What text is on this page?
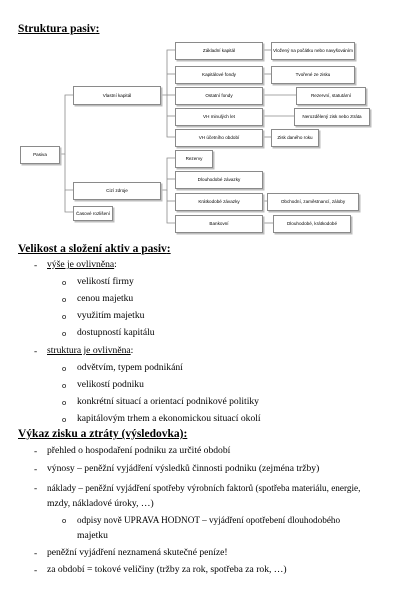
Struktura pasiv:
Pasiva
Vlastní kapitál
Cizí zdroje
Časové rozlišení
Základní kapitál
Kapitálové fondy
Ostatní fondy
VH minulých let
VH účetního období
Vložený na počátku nebo navyšováním
Tvořené ze zisku
Rezervní, statutární
Nerozdělený zisk nebo ztráta
Zisk daného roku
Rezervy
Dlouhodobé závazky
Krátkodobé závazky
Bankovní
Obchodní, zaměstnancí, záloby
Dlouhodobé, krátkodobé
Velikost a složení aktiv a pasiv:
- výše je ovlivněna:
o velikostí firmy
o cenou majetku
o využitím majetku
o dostupností kapitálu
- struktura je ovlivněna:
o odvětvím, typem podnikání
o velikostí podniku
o konkrétní situací a orientací podnikové politiky
o kapitálovým trhem a ekonomickou situací okolí
Výkaz zisku a ztráty (výsledovka):
- přehled o hospodaření podniku za určité období
- výnosy – peněžní vyjádření výsledků činnosti podniku (zejména tržby)
- náklady – peněžní vyjádření spotřeby výrobních faktorů (spotřeba materiálu, energie,
mzdy, nákladové úroky, …)
o odpisy nově UPRAVA HODNOT – vyjádření opotřebení dlouhodobého
majetku
- peněžní vyjádření neznamená skutečné peníze!
- za období = tokové veličiny (tržby za rok, spotřeba za rok, …)
